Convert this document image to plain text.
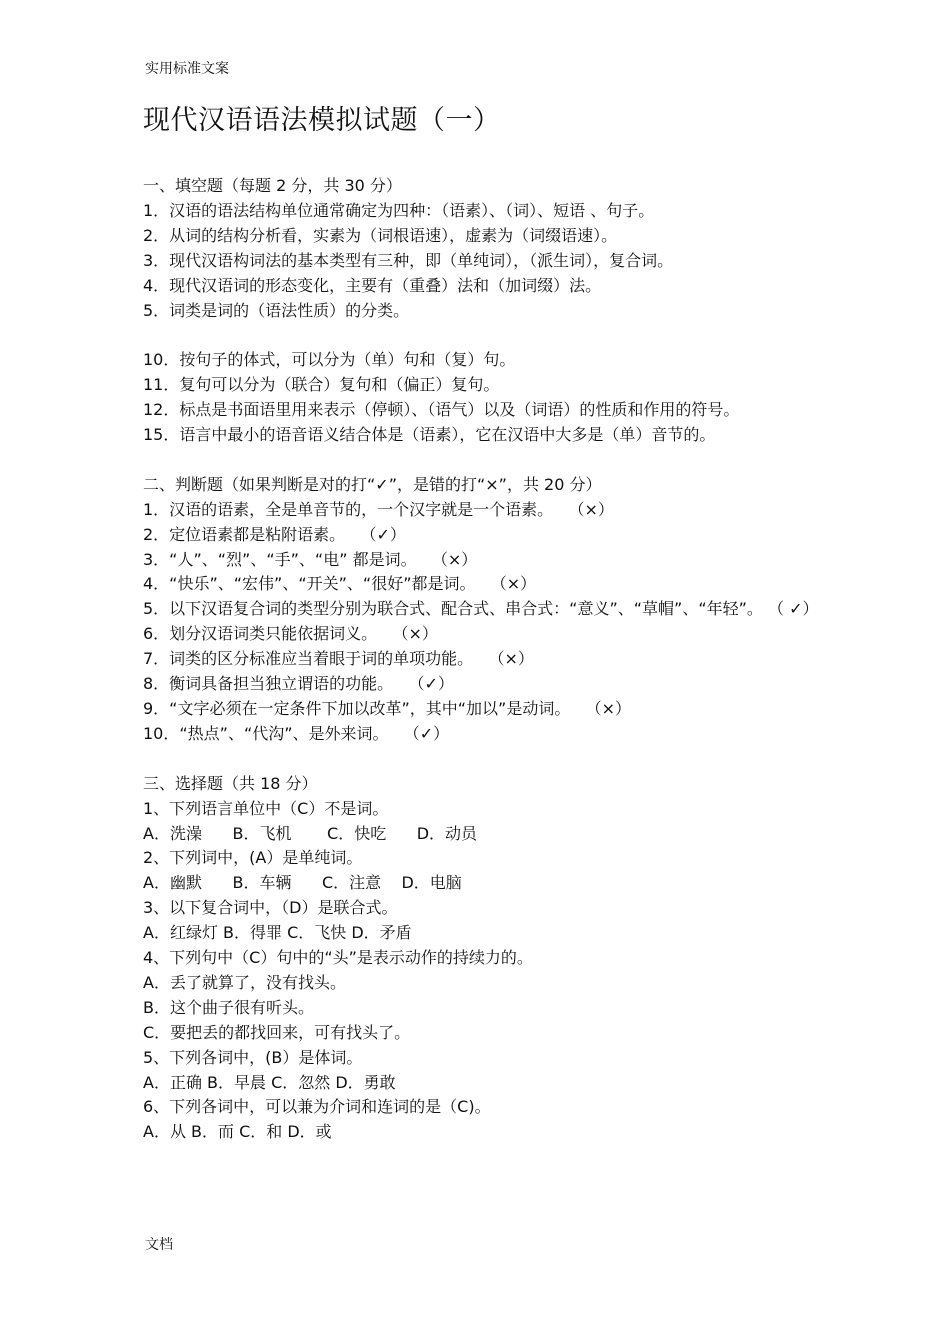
实用标准文案
现代汉语语法模拟试题（一）
一、填空题（每题 2 分，共 30 分）
1．汉语的语法结构单位通常确定为四种：（语素）、（词）、短语 、句子。
2．从词的结构分析看，实素为（词根语速），虚素为（词缀语速）。
3．现代汉语构词法的基本类型有三种，即（单纯词），（派生词），复合词。
4．现代汉语词的形态变化，主要有（重叠）法和（加词缀）法。
5．词类是词的（语法性质）的分类。
10．按句子的体式，可以分为（单）句和（复）句。
11．复句可以分为（联合）复句和（偏正）复句。
12．标点是书面语里用来表示（停顿）、（语气）以及（词语）的性质和作用的符号。
15．语言中最小的语音语义结合体是（语素），它在汉语中大多是（单）音节的。
二、判断题（如果判断是对的打“✓”，是错的打“×”，共 20 分）
1．汉语的语素，全是单音节的，一个汉字就是一个语素。   （×）
2．定位语素都是粘附语素。   （✓）
3．“人”、“烈”、“手”、“电” 都是词。   （×）
4．“快乐”、“宏伟”、“开关”、“很好”都是词。   （×）
5．以下汉语复合词的类型分别为联合式、配合式、串合式：“意义”、“草帽”、“年轻”。 （ ✓）
6．划分汉语词类只能依据词义。   （×）
7．词类的区分标准应当着眼于词的单项功能。   （×）
8．衡词具备担当独立谓语的功能。   （✓）
9．“文字必须在一定条件下加以改革”，其中“加以”是动词。   （×）
10．“热点”、“代沟”、是外来词。   （✓）
三、选择题（共 18 分）
1、下列语言单位中（C）不是词。
A．洗澡      B．飞机       C．快吃      D．动员
2、下列词中，(A）是单纯词。
A．幽默      B．车辆      C．注意    D．电脑
3、以下复合词中，（D）是联合式。
A．红绿灯 B．得罪 C．飞快 D．矛盾
4、下列句中（C）句中的“头”是表示动作的持续力的。
A．丢了就算了，没有找头。
B．这个曲子很有听头。
C．要把丢的都找回来，可有找头了。
5、下列各词中，(B）是体词。
A．正确 B．早晨 C．忽然 D．勇敢
6、下列各词中，可以兼为介词和连词的是（C)。
A．从 B．而 C．和 D．或
文档
